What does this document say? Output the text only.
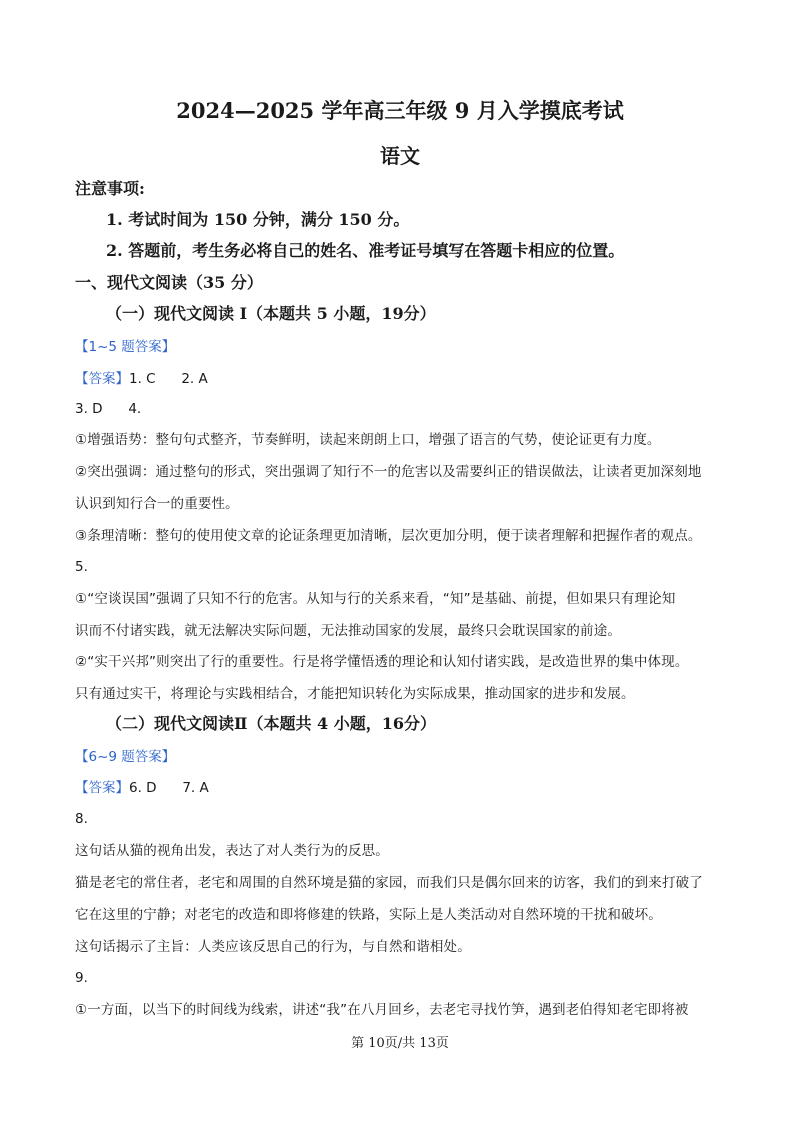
2024—2025 学年高三年级 9 月入学摸底考试
语文
注意事项:
1. 考试时间为 150 分钟，满分 150 分。
2. 答题前，考生务必将自己的姓名、准考证号填写在答题卡相应的位置。
一、现代文阅读（35 分）
（一）现代文阅读 Ⅰ（本题共 5 小题，19分）
【1~5 题答案】
【答案】1. C      2. A
3. D      4.
①增强语势：整句句式整齐，节奏鲜明，读起来朗朗上口，增强了语言的气势，使论证更有力度。
②突出强调：通过整句的形式，突出强调了知行不一的危害以及需要纠正的错误做法，让读者更加深刻地
认识到知行合一的重要性。
③条理清晰：整句的使用使文章的论证条理更加清晰，层次更加分明，便于读者理解和把握作者的观点。
5.
①“空谈误国”强调了只知不行的危害。从知与行的关系来看，“知”是基础、前提，但如果只有理论知
识而不付诸实践，就无法解决实际问题，无法推动国家的发展，最终只会耽误国家的前途。
②“实干兴邦”则突出了行的重要性。行是将学懂悟透的理论和认知付诸实践，是改造世界的集中体现。
只有通过实干，将理论与实践相结合，才能把知识转化为实际成果，推动国家的进步和发展。
（二）现代文阅读Ⅱ（本题共 4 小题，16分）
【6~9 题答案】
【答案】6. D      7. A
8.
这句话从猫的视角出发，表达了对人类行为的反思。
猫是老宅的常住者，老宅和周围的自然环境是猫的家园，而我们只是偶尔回来的访客，我们的到来打破了
它在这里的宁静；对老宅的改造和即将修建的铁路，实际上是人类活动对自然环境的干扰和破坏。
这句话揭示了主旨：人类应该反思自己的行为，与自然和谐相处。
9.
①一方面，以当下的时间线为线索，讲述“我”在八月回乡，去老宅寻找竹笋，遇到老伯得知老宅即将被
第 10页/共 13页
